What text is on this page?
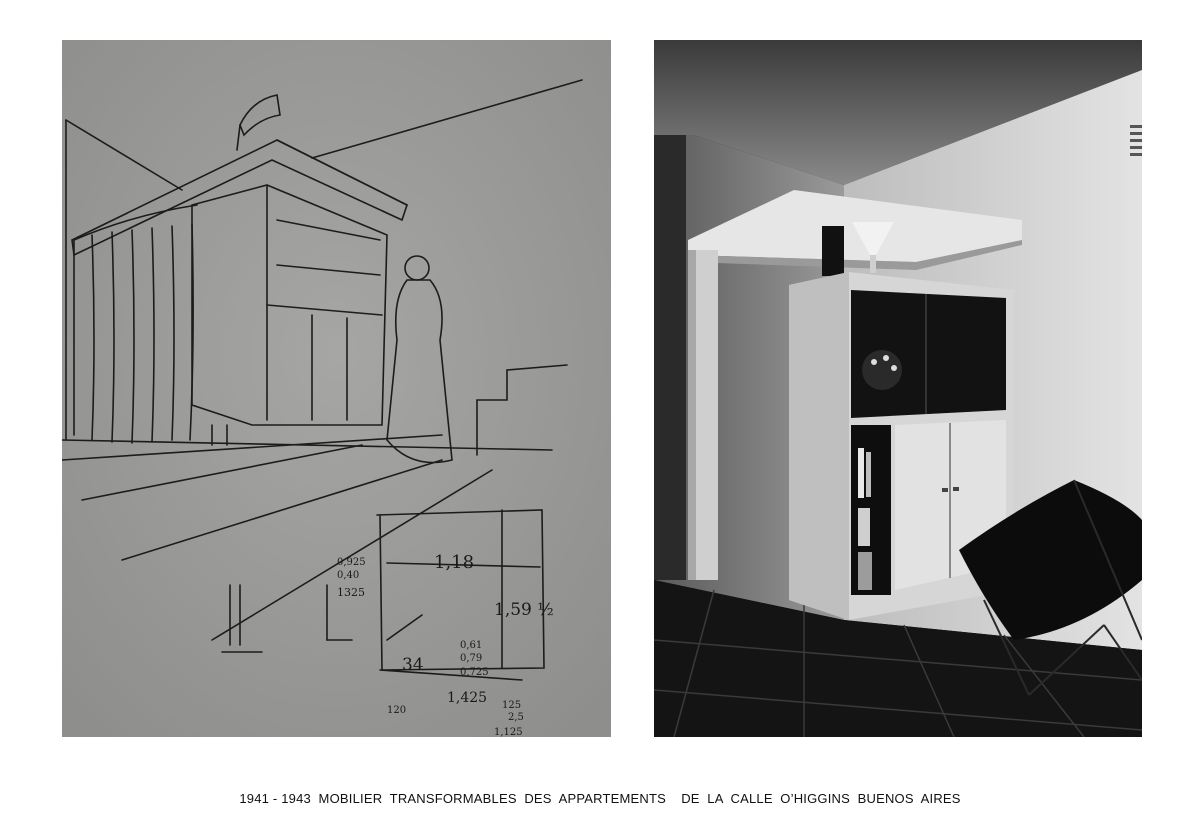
1,18
1,59 ½
34
0,925
0,40
1325
0,61
0,79
0,725
1,425
120	125
2,5
1,125
1941 - 1943  MOBILIER  TRANSFORMABLES  DES  APPARTEMENTS    DE  LA  CALLE  O’HIGGINS  BUENOS  AIRES
